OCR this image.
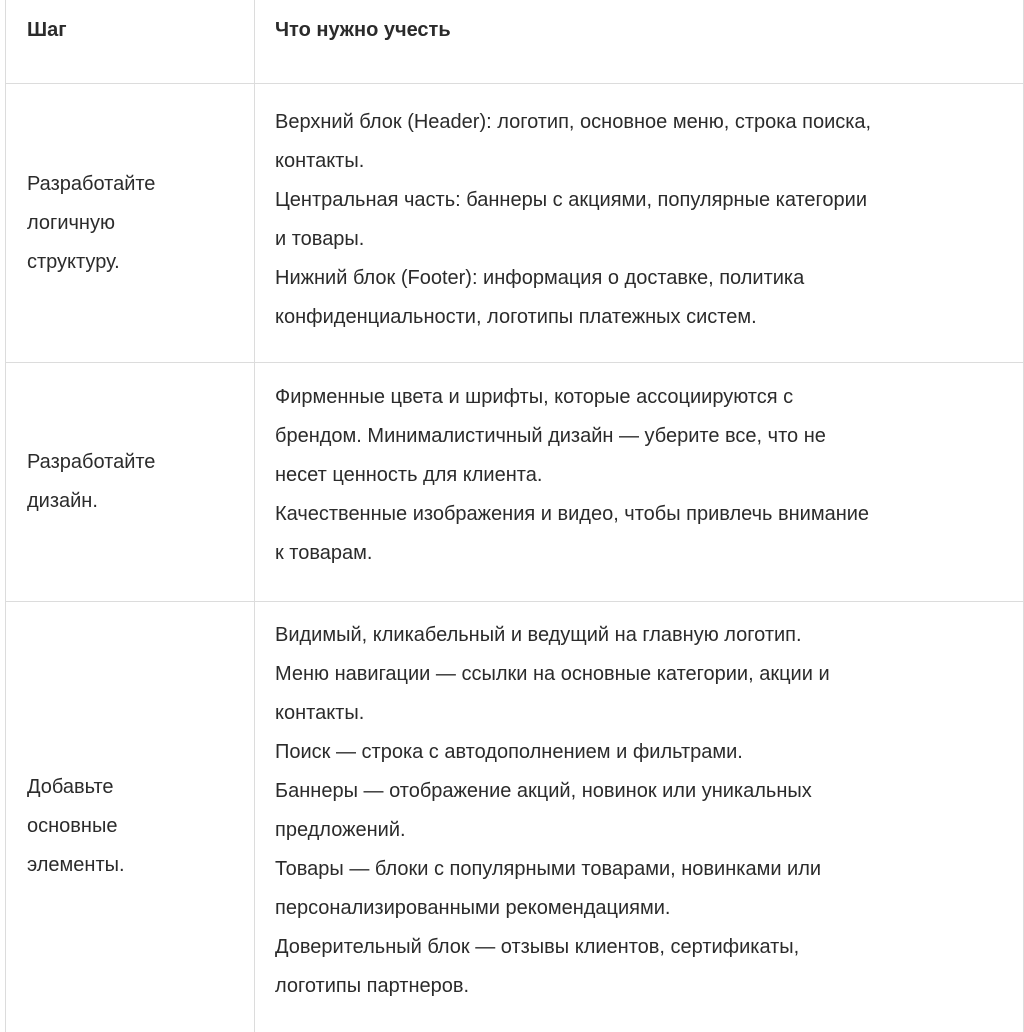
Шаг	Что нужно учесть
Разработайте
логичную
структуру.
Верхний блок (Header): логотип, основное меню, строка поиска,
контакты.
Центральная часть: баннеры с акциями, популярные категории
и товары.
Нижний блок (Footer): информация о доставке, политика
конфиденциальности, логотипы платежных систем.
Разработайте
дизайн.
Фирменные цвета и шрифты, которые ассоциируются с
брендом. Минималистичный дизайн — уберите все, что не
несет ценность для клиента.
Качественные изображения и видео, чтобы привлечь внимание
к товарам.
Добавьте
основные
элементы.
Видимый, кликабельный и ведущий на главную логотип.
Меню навигации — ссылки на основные категории, акции и
контакты.
Поиск — строка с автодополнением и фильтрами.
Баннеры — отображение акций, новинок или уникальных
предложений.
Товары — блоки с популярными товарами, новинками или
персонализированными рекомендациями.
Доверительный блок — отзывы клиентов, сертификаты,
логотипы партнеров.
